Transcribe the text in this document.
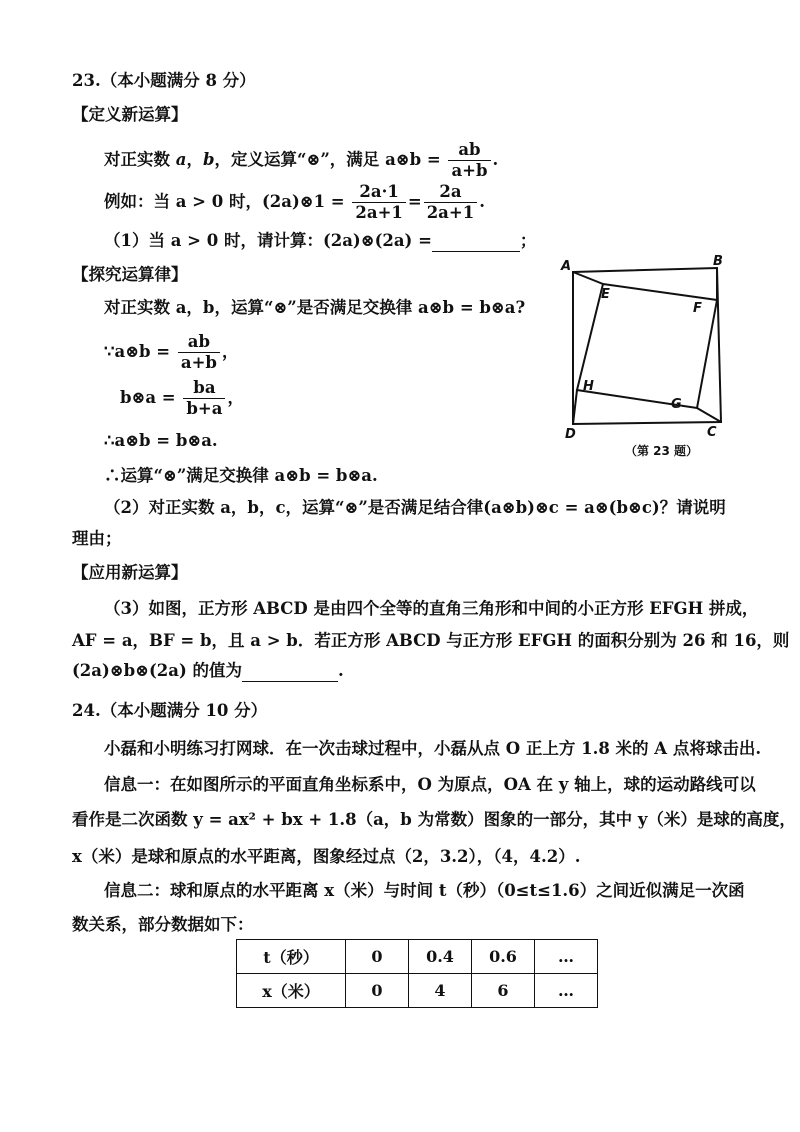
23.（本小题满分 8 分）
【定义新运算】
对正实数 a，b，定义运算“⊗”，满足 a⊗b = $\frac{ab}{a+b}$ .
例如：当 a > 0 时，(2a)⊗1 = $\frac{2a\cdot 1}{2a+1} = \frac{2a}{2a+1}$ .
（1）当 a > 0 时，请计算：(2a)⊗(2a) =	；
【探究运算律】
对正实数 a，b，运算“⊗”是否满足交换律 a⊗b = b⊗a?
∵a⊗b = $\frac{ab}{a+b}$ ，
b⊗a = $\frac{ba}{b+a}$ ，
∴a⊗b = b⊗a.
∴运算“⊗”满足交换律 a⊗b = b⊗a.
（2）对正实数 a，b，c，运算“⊗”是否满足结合律(a⊗b)⊗c = a⊗(b⊗c)？请说明
理由；
【应用新运算】
（3）如图，正方形 ABCD 是由四个全等的直角三角形和中间的小正方形 EFGH 拼成，
AF = a，BF = b，且 a > b．若正方形 ABCD 与正方形 EFGH 的面积分别为 26 和 16，则
(2a)⊗b⊗(2a) 的值为	.
A	B
C
D
E
F
G
H
（第 23 题）
24.（本小题满分 10 分）
小磊和小明练习打网球．在一次击球过程中，小磊从点 O 正上方 1.8 米的 A 点将球击出.
信息一：在如图所示的平面直角坐标系中，O 为原点，OA 在 y 轴上，球的运动路线可以
看作是二次函数 y = ax² + bx + 1.8（a，b 为常数）图象的一部分，其中 y（米）是球的高度，
x（米）是球和原点的水平距离，图象经过点（2，3.2），（4，4.2）.
信息二：球和原点的水平距离 x（米）与时间 t（秒）（0≤t≤1.6）之间近似满足一次函
数关系，部分数据如下：
t（秒）	0	0.4	0.6	…
x（米）	0	4	6	…
